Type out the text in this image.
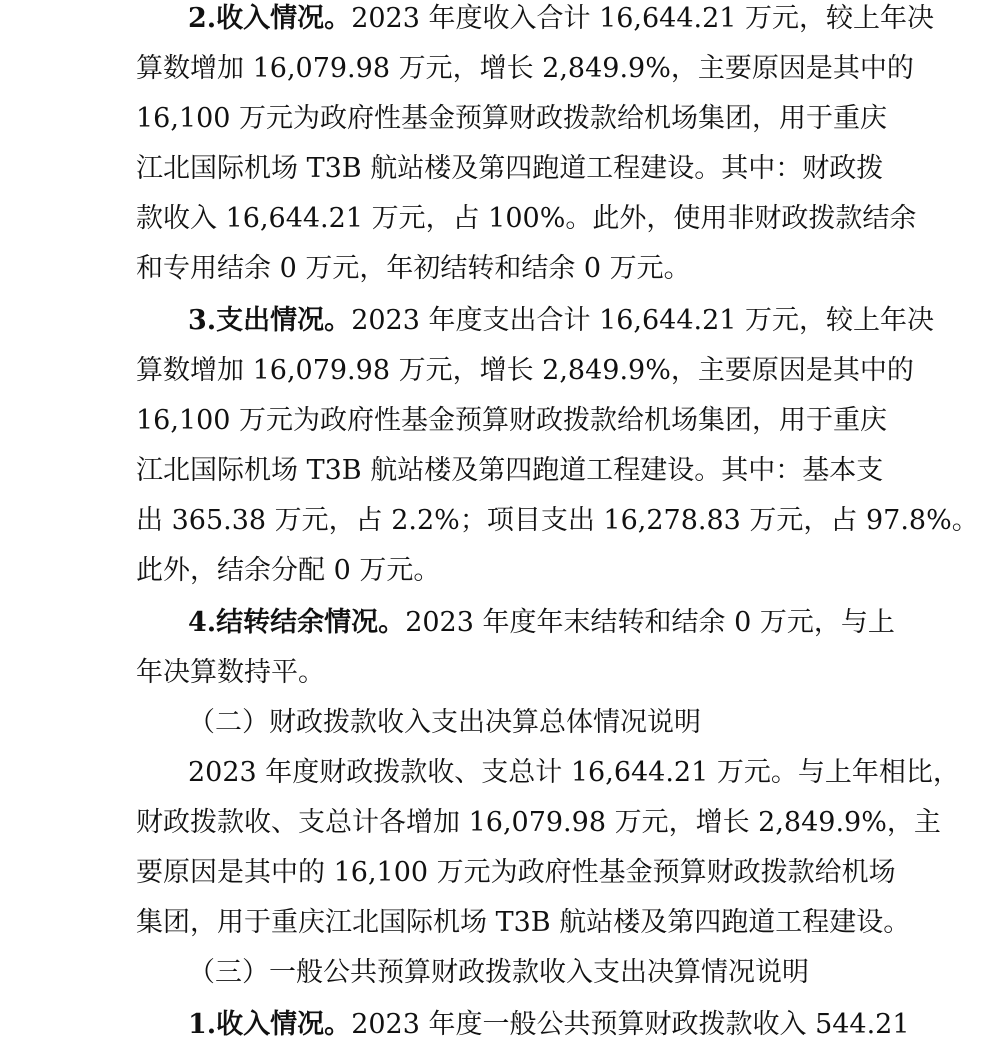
2.收入情况。2023 年度收入合计 16,644.21 万元，较上年决
算数增加 16,079.98 万元，增长 2,849.9%，主要原因是其中的
16,100 万元为政府性基金预算财政拨款给机场集团，用于重庆
江北国际机场 T3B 航站楼及第四跑道工程建设。其中：财政拨
款收入 16,644.21 万元，占 100%。此外，使用非财政拨款结余
和专用结余 0 万元，年初结转和结余 0 万元。
3.支出情况。2023 年度支出合计 16,644.21 万元，较上年决
算数增加 16,079.98 万元，增长 2,849.9%，主要原因是其中的
16,100 万元为政府性基金预算财政拨款给机场集团，用于重庆
江北国际机场 T3B 航站楼及第四跑道工程建设。其中：基本支
出 365.38 万元，占 2.2%；项目支出 16,278.83 万元，占 97.8%。
此外，结余分配 0 万元。
4.结转结余情况。2023 年度年末结转和结余 0 万元，与上
年决算数持平。
（二）财政拨款收入支出决算总体情况说明
2023 年度财政拨款收、支总计 16,644.21 万元。与上年相比，
财政拨款收、支总计各增加 16,079.98 万元，增长 2,849.9%，主
要原因是其中的 16,100 万元为政府性基金预算财政拨款给机场
集团，用于重庆江北国际机场 T3B 航站楼及第四跑道工程建设。
（三）一般公共预算财政拨款收入支出决算情况说明
1.收入情况。2023 年度一般公共预算财政拨款收入 544.21
